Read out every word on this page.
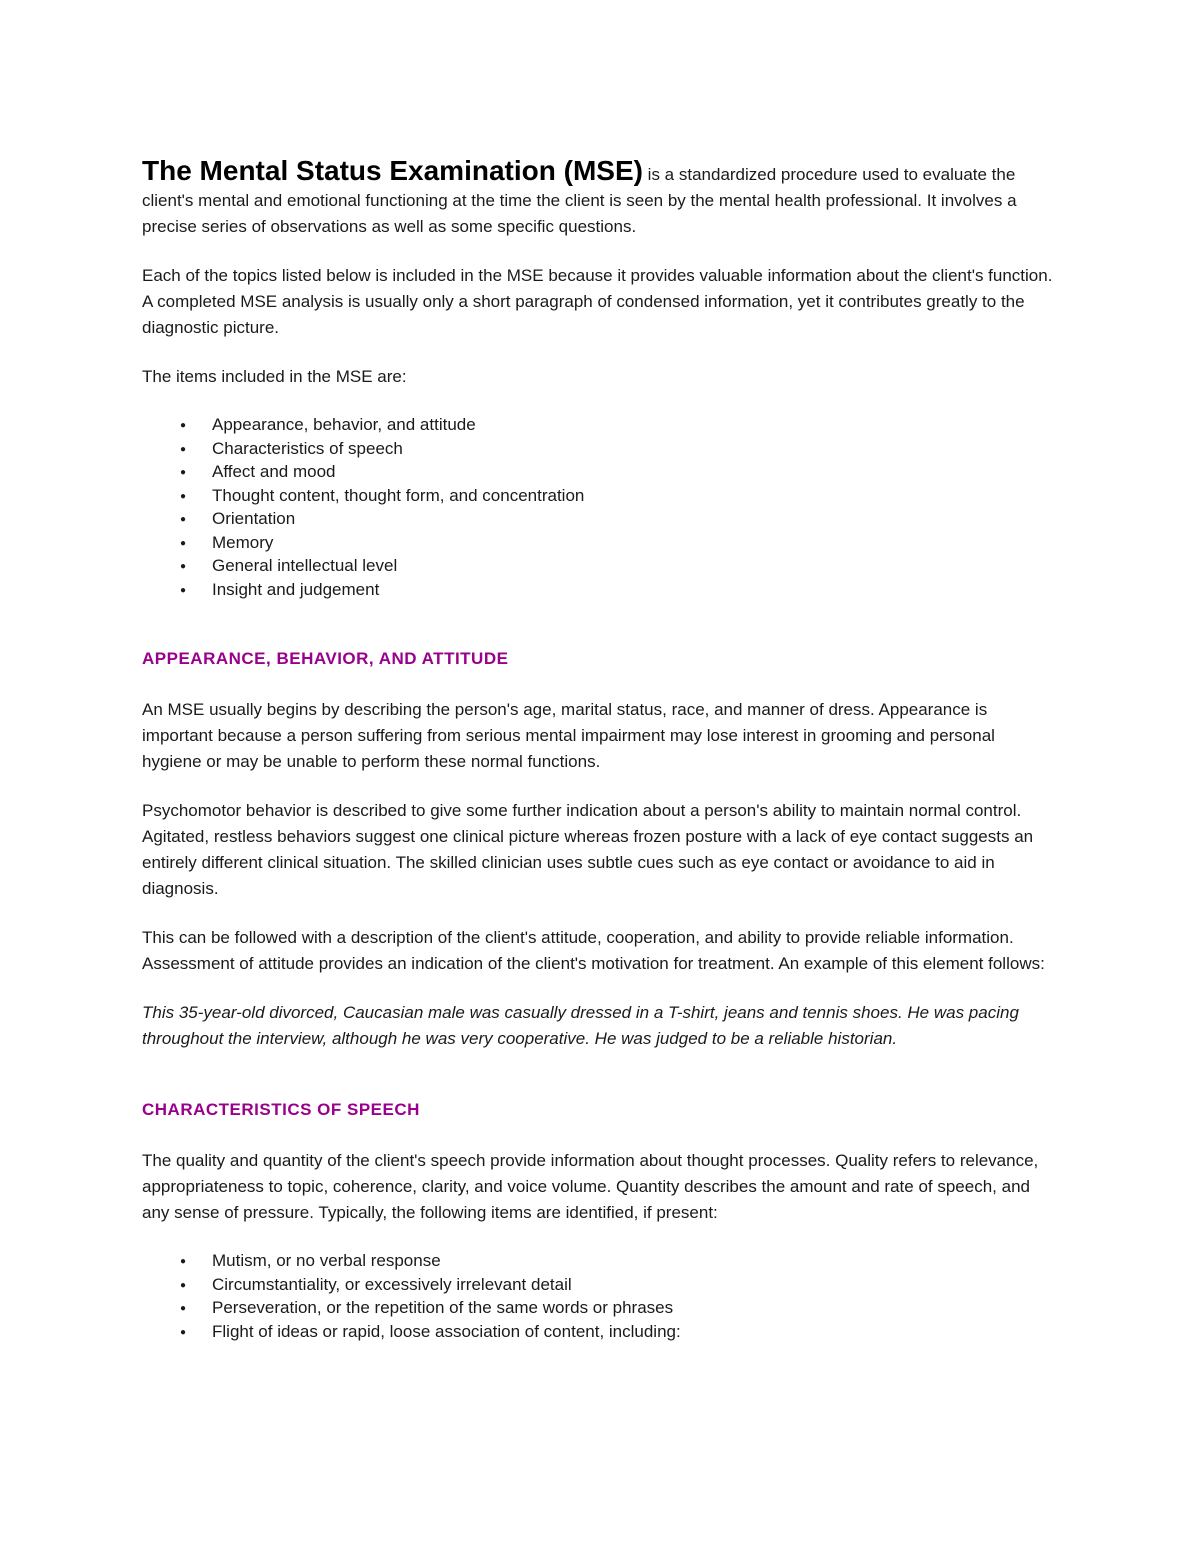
The Mental Status Examination (MSE) is a standardized procedure used to evaluate the client's mental and emotional functioning at the time the client is seen by the mental health professional. It involves a precise series of observations as well as some specific questions.

Each of the topics listed below is included in the MSE because it provides valuable information about the client's function. A completed MSE analysis is usually only a short paragraph of condensed information, yet it contributes greatly to the diagnostic picture.

The items included in the MSE are:

● Appearance, behavior, and attitude
● Characteristics of speech
● Affect and mood
● Thought content, thought form, and concentration
● Orientation
● Memory
● General intellectual level
● Insight and judgement
APPEARANCE, BEHAVIOR, AND ATTITUDE

An MSE usually begins by describing the person's age, marital status, race, and manner of dress. Appearance is important because a person suffering from serious mental impairment may lose interest in grooming and personal hygiene or may be unable to perform these normal functions.

Psychomotor behavior is described to give some further indication about a person's ability to maintain normal control. Agitated, restless behaviors suggest one clinical picture whereas frozen posture with a lack of eye contact suggests an entirely different clinical situation. The skilled clinician uses subtle cues such as eye contact or avoidance to aid in diagnosis.

This can be followed with a description of the client's attitude, cooperation, and ability to provide reliable information. Assessment of attitude provides an indication of the client's motivation for treatment. An example of this element follows:

This 35-year-old divorced, Caucasian male was casually dressed in a T-shirt, jeans and tennis shoes. He was pacing throughout the interview, although he was very cooperative. He was judged to be a reliable historian.

CHARACTERISTICS OF SPEECH

The quality and quantity of the client's speech provide information about thought processes. Quality refers to relevance, appropriateness to topic, coherence, clarity, and voice volume. Quantity describes the amount and rate of speech, and any sense of pressure. Typically, the following items are identified, if present:

● Mutism, or no verbal response
● Circumstantiality, or excessively irrelevant detail
● Perseveration, or the repetition of the same words or phrases
● Flight of ideas or rapid, loose association of content, including:
